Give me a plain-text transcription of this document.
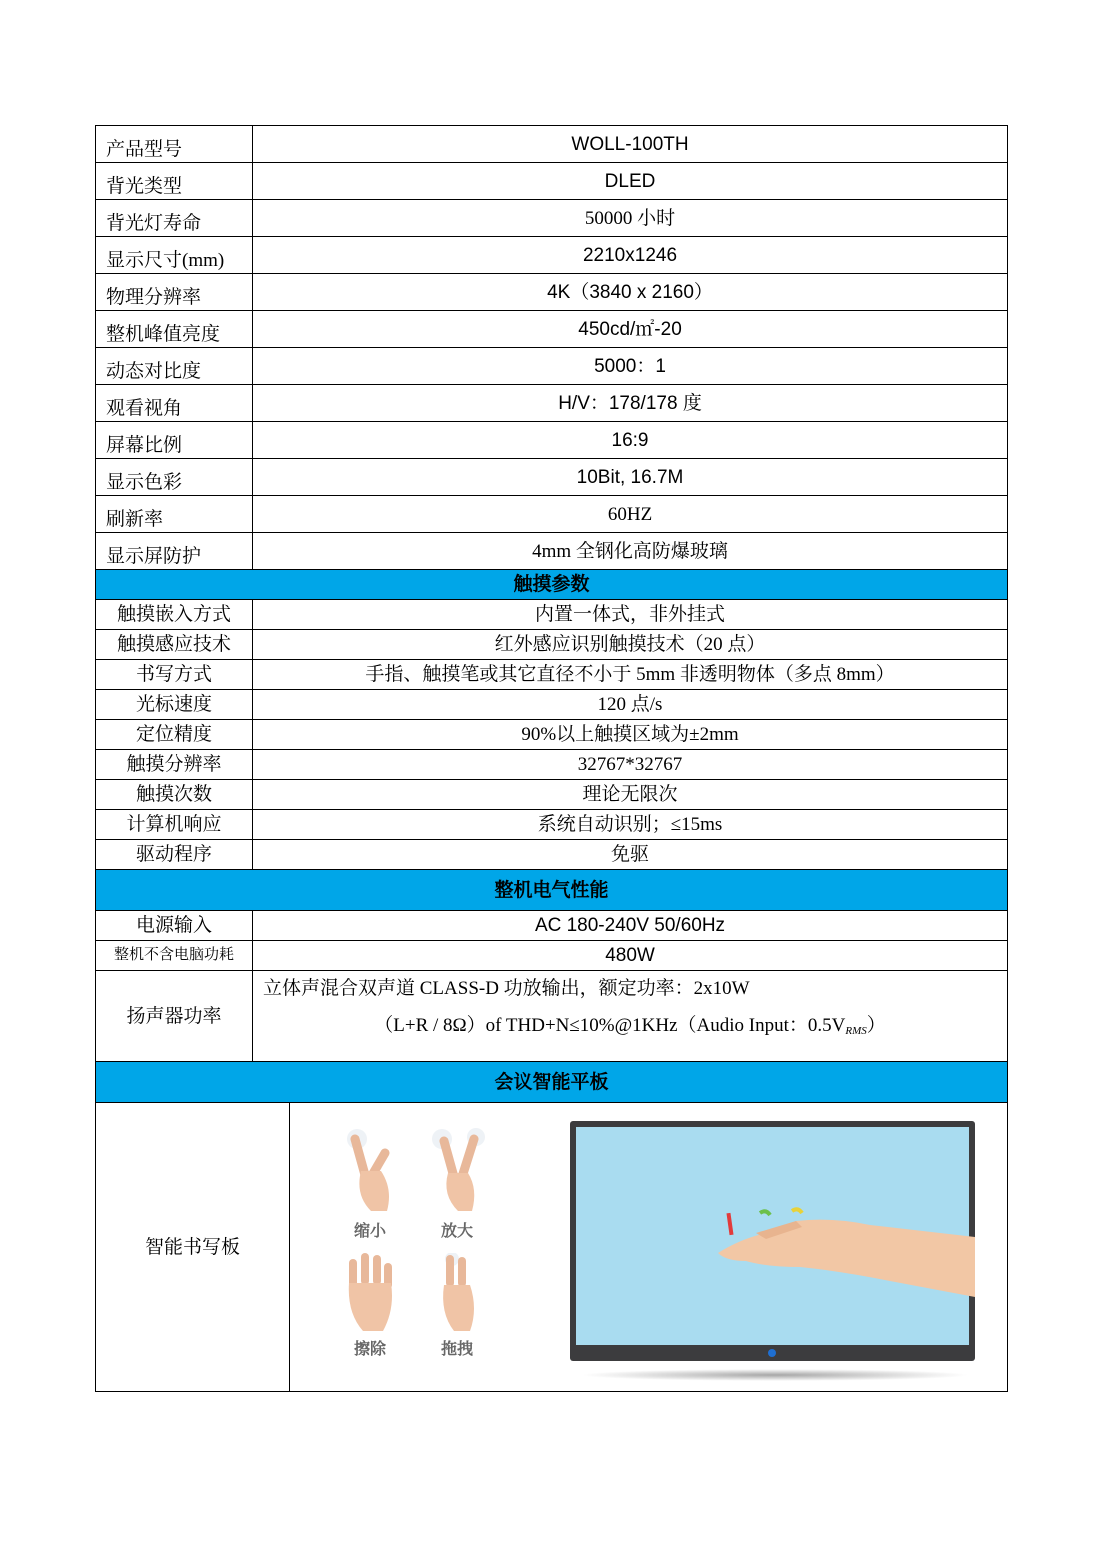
产品型号	WOLL-100TH	
背光类型	DLED	
背光灯寿命	50000 小时	
显示尺寸(mm)	2210x1246	
物理分辨率	4K（3840 x 2160）	
整机峰值亮度	450cd/㎡-20	
动态对比度	5000：1	
观看视角	H/V：178/178 度	
屏幕比例	16:9	
显示色彩	10Bit, 16.7M	
刷新率	60HZ	
显示屏防护	4mm 全钢化高防爆玻璃	
触摸参数		
触摸嵌入方式	内置一体式，非外挂式	
触摸感应技术	红外感应识别触摸技术（20 点）	
书写方式	手指、触摸笔或其它直径不小于 5mm 非透明物体（多点 8mm）	
光标速度	120 点/s	
定位精度	90%以上触摸区域为±2mm	
触摸分辨率	32767*32767	
触摸次数	理论无限次	
计算机响应	系统自动识别；≤15ms	
驱动程序	免驱	
整机电气性能		
电源输入	AC 180-240V 50/60Hz	
整机不含电脑功耗	480W	
扬声器功率	立体声混合双声道 CLASS-D 功放输出，额定功率：2x10W
（L+R / 8Ω）of THD+N≤10%@1KHz（Audio Input：$0.5V_{RMS}$）	

会议智能平板		
智能书写板		缩小 放大
擦除 拖拽
